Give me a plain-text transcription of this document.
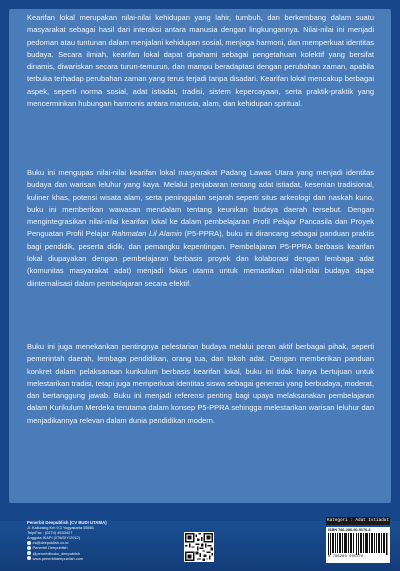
Kearifan lokal merupakan nilai-nilai kehidupan yang lahir, tumbuh, dan berkembang dalam suatu masyarakat sebagai hasil dari interaksi antara manusia dengan lingkungannya. Nilai-nilai ini menjadi pedoman atau tuntunan dalam menjalani kehidupan sosial, menjaga harmoni, dan memperkuat identitas budaya. Secara ilmiah, kearifan lokal dapat dipahami sebagai pengetahuan kolektif yang bersifat dinamis, diwariskan secara turun-temurun, dan mampu beradaptasi dengan perubahan zaman, apabila terbuka terhadap perubahan zaman yang terus terjadi tanpa disadari. Kearifan lokal mencakup berbagai aspek, seperti norma sosial, adat istiadat, tradisi, sistem kepercayaan, serta praktik-praktik yang mencerminkan hubungan harmonis antara manusia, alam, dan kehidupan spiritual.

Buku ini mengupas nilai-nilai kearifan lokal masyarakat Padang Lawas Utara yang menjadi identitas budaya dan warisan leluhur yang kaya. Melalui penjabaran tentang adat istiadat, kesenian tradisional, kuliner khas, potensi wisata alam, serta peninggalan sejarah seperti situs arkeologi dan naskah kuno, buku ini memberikan wawasan mendalam tentang keunikan budaya daerah tersebut. Dengan mengintegrasikan nilai-nilai kearifan lokal ke dalam pembelajaran Profil Pelajar Pancasila dan Proyek Penguatan Profil Pelajar Rahmatan Lil Alamin (P5-PPRA), buku ini dirancang sebagai panduan praktis bagi pendidik, peserta didik, dan pemangku kepentingan. Pembelajaran P5-PPRA berbasis kearifan lokal diupayakan dengan pembelajaran berbasis proyek dan kolaborasi dengan lembaga adat (komunitas masyarakat adat) menjadi fokus utama untuk memastikan nilai-nilai budaya dapat diinternalisasi dalam pembelajaran secara efektif.

Buku ini juga menekankan pentingnya pelestarian budaya melalui peran aktif berbagai pihak, seperti pemerintah daerah, lembaga pendidikan, orang tua, dan tokoh adat. Dengan memberikan panduan konkret dalam pelaksanaan kurikulum berbasis kearifan lokal, buku ini tidak hanya bertujuan untuk melestarikan tradisi, tetapi juga memperkuat identitas siswa sebagai generasi yang berbudaya, moderat, dan bertanggung jawab. Buku ini menjadi referensi penting bagi upaya melaksanakan pembelajaran dalam Kurikulum Merdeka terutama dalam konsep P5-PPRA sehingga melestarikan warisan leluhur dan menjadikannya relevan dalam dunia pendidikan modern.

Penerbit Deepublish (CV BUDI UTAMA)
Jl. Kaliurang Km 9,3 Yogyakarta 55581
Telp/Fax : (0274) 4533427
Anggota IKAPI (076/DIY/2012)
cs@deepublish.co.id
Penerbit Deepublish
@penerbitbuku_deepublish
www.penerbitdeepublish.com
Kategori : Adat Istiadat
ISBN 786-286-00-5176-6
9 786286 005176
